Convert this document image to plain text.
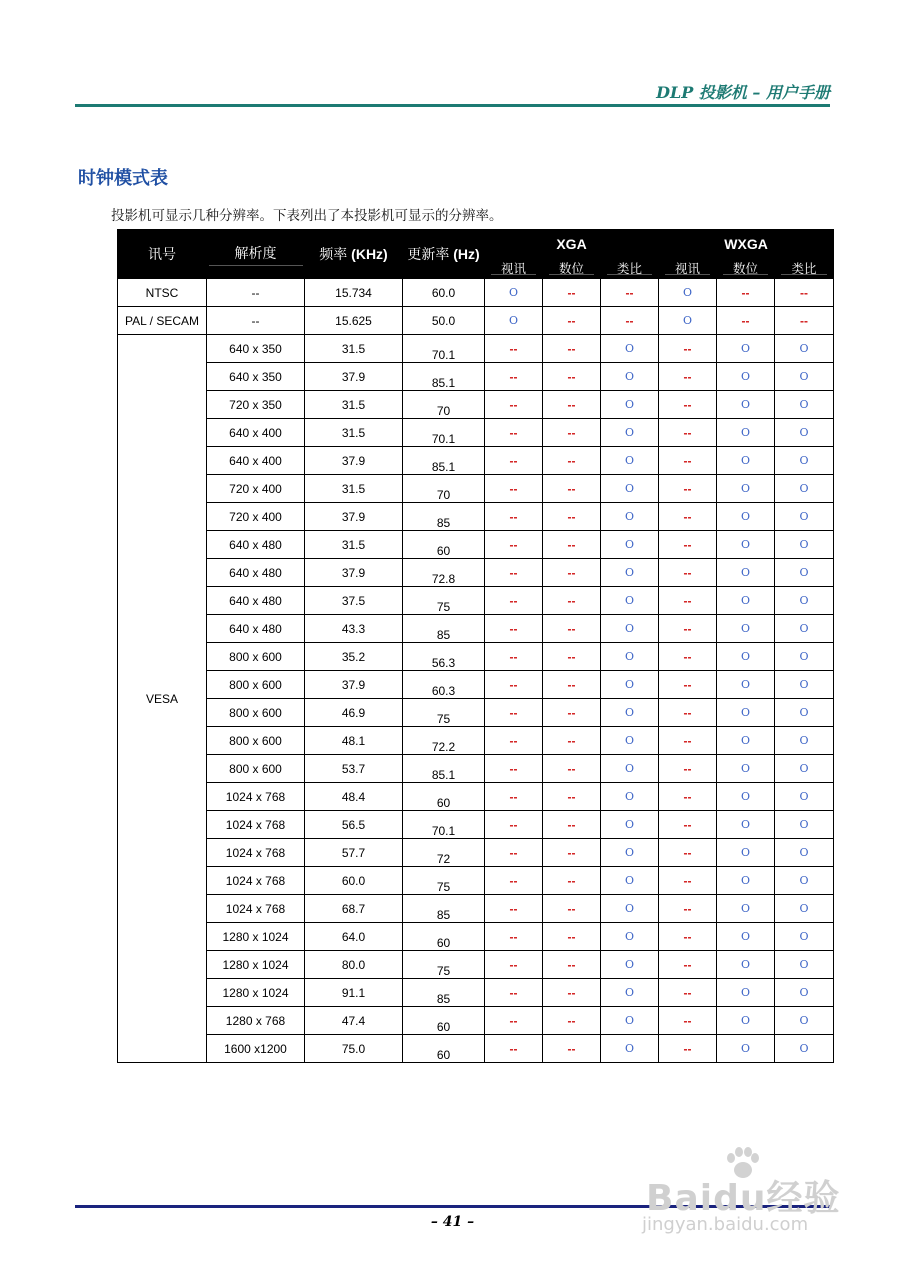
DLP 投影机 – 用户手册
时钟模式表
投影机可显示几种分辨率。下表列出了本投影机可显示的分辨率。
讯号	解析度	频率 (KHz)	更新率 (Hz)	XGA			WXGA		
				视讯	数位	类比	视讯	数位	类比
NTSC	--	15.734	60.0	O	--	--	O	--	--
PAL / SECAM	--	15.625	50.0	O	--	--	O	--	--
VESA	640 x 350	31.5	70.1	--	--	O	--	O	O
	640 x 350	37.9	85.1	--	--	O	--	O	O
	720 x 350	31.5	70	--	--	O	--	O	O
	640 x 400	31.5	70.1	--	--	O	--	O	O
	640 x 400	37.9	85.1	--	--	O	--	O	O
	720 x 400	31.5	70	--	--	O	--	O	O
	720 x 400	37.9	85	--	--	O	--	O	O
	640 x 480	31.5	60	--	--	O	--	O	O
	640 x 480	37.9	72.8	--	--	O	--	O	O
	640 x 480	37.5	75	--	--	O	--	O	O
	640 x 480	43.3	85	--	--	O	--	O	O
	800 x 600	35.2	56.3	--	--	O	--	O	O
	800 x 600	37.9	60.3	--	--	O	--	O	O
	800 x 600	46.9	75	--	--	O	--	O	O
	800 x 600	48.1	72.2	--	--	O	--	O	O
	800 x 600	53.7	85.1	--	--	O	--	O	O
	1024 x 768	48.4	60	--	--	O	--	O	O
	1024 x 768	56.5	70.1	--	--	O	--	O	O
	1024 x 768	57.7	72	--	--	O	--	O	O
	1024 x 768	60.0	75	--	--	O	--	O	O
	1024 x 768	68.7	85	--	--	O	--	O	O
	1280 x 1024	64.0	60	--	--	O	--	O	O
	1280 x 1024	80.0	75	--	--	O	--	O	O
	1280 x 1024	91.1	85	--	--	O	--	O	O
	1280 x 768	47.4	60	--	--	O	--	O	O
	1600 x1200	75.0	60	--	--	O	--	O	O
– 41 –
Baidu经验
jingyan.baidu.com
